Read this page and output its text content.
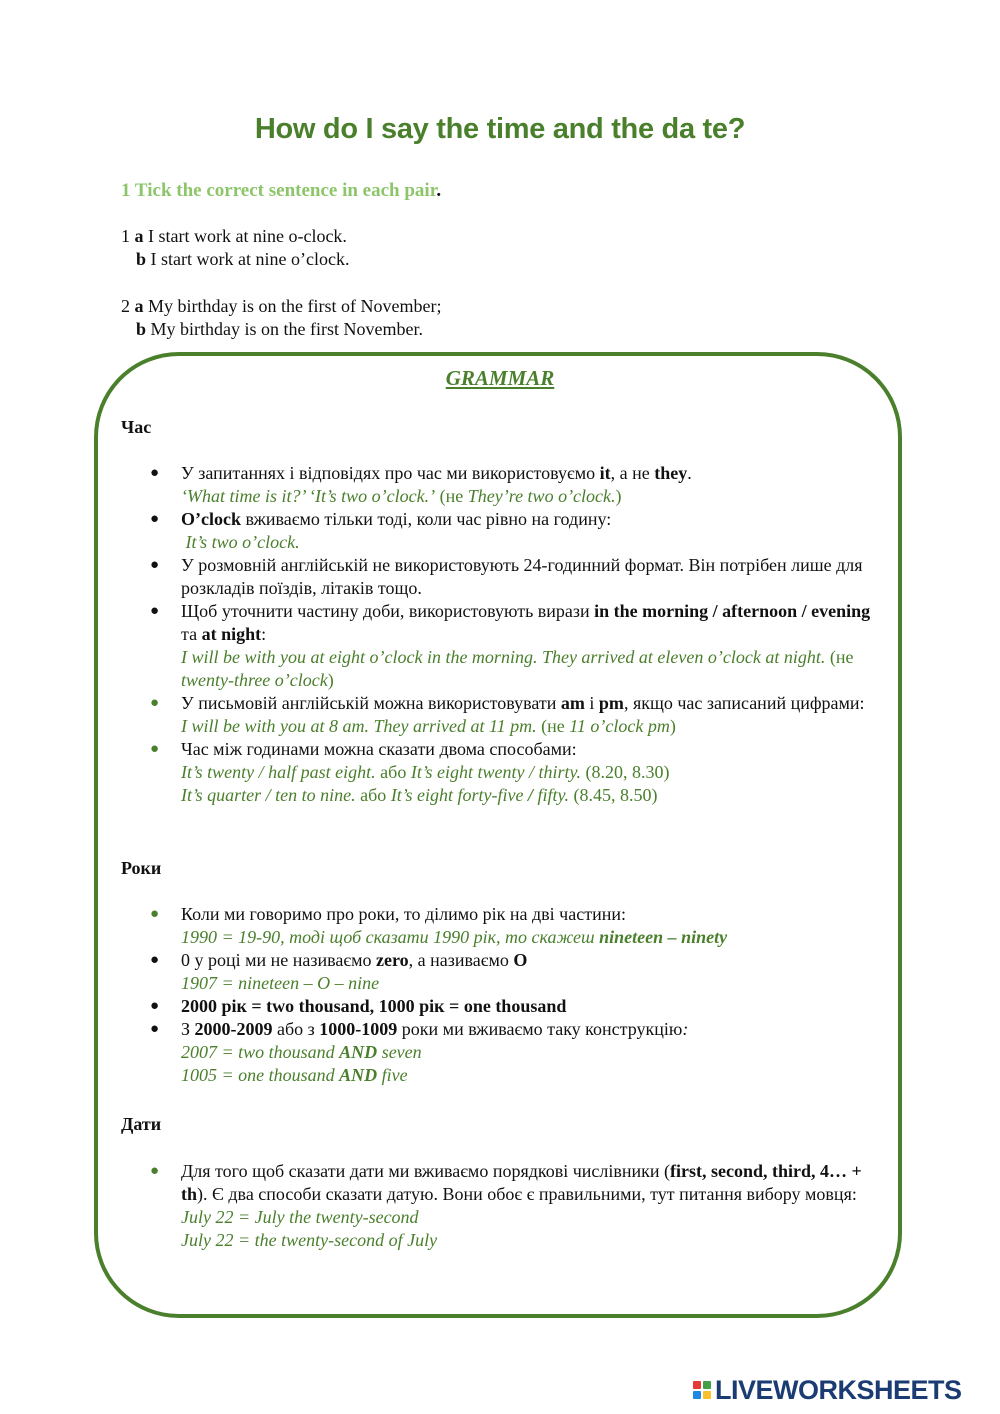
How do I say the time and the da te?
1 Tick the correct sentence in each pair.
1 a I start work at nine o-clock.
b I start work at nine o’clock.
2 a My birthday is on the first of November;
b My birthday is on the first November.
GRAMMAR
Час
● У запитаннях і відповідях про час ми використовуємо it, а не they.
‘What time is it?’ ‘It’s two o’clock.’ (не They’re two o’clock.)
● O’clock вживаємо тільки тоді, коли час рівно на годину:
It’s two o’clock.
● У розмовній англійській не використовують 24-годинний формат. Він потрібен лише для розкладів поїздів, літаків тощо.
● Щоб уточнити частину доби, використовують вирази in the morning / afternoon / evening та at night:
I will be with you at eight o’clock in the morning. They arrived at eleven o’clock at night. (не twenty-three o’clock)
● У письмовій англійській можна використовувати am і pm, якщо час записаний цифрами:
I will be with you at 8 am. They arrived at 11 pm. (не 11 o’clock pm)
● Час між годинами можна сказати двома способами:
It’s twenty / half past eight. або It’s eight twenty / thirty. (8.20, 8.30)
It’s quarter / ten to nine. або It’s eight forty-five / fifty. (8.45, 8.50)
Роки
● Коли ми говоримо про роки, то ділимо рік на дві частини:
1990 = 19-90, тоді щоб сказати 1990 рік, то скажеш nineteen – ninety
● 0 у році ми не називаємо zero, а називаємо O
1907 = nineteen – O – nine
● 2000 рік = two thousand, 1000 рік = one thousand
● З 2000-2009 або з 1000-1009 роки ми вживаємо таку конструкцію:
2007 = two thousand AND seven
1005 = one thousand AND five
Дати
● Для того щоб сказати дати ми вживаємо порядкові числівники (first, second, third, 4… + th). Є два способи сказати датую. Вони обоє є правильними, тут питання вибору мовця:
July 22 = July the twenty-second
July 22 = the twenty-second of July
LIVEWORKSHEETS
